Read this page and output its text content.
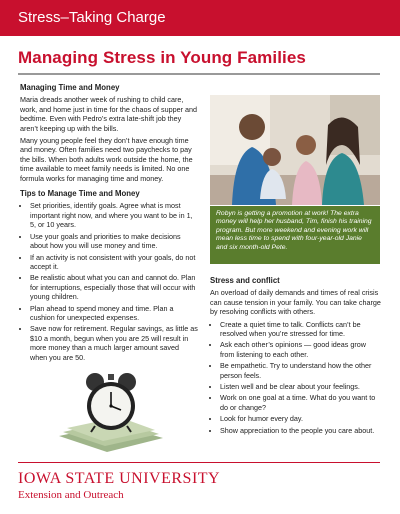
Stress–Taking Charge
Managing Stress in Young Families
Managing Time and Money

Maria dreads another week of rushing to child care, work, and home just in time for the chaos of supper and bedtime. Even with Pedro’s extra late-shift job they aren’t keeping up with the bills.

Many young people feel they don’t have enough time and money. Often families need two paychecks to pay the bills. When both adults work outside the home, the time available to meet family needs is limited. No one formula works for managing time and money.

Tips to Manage Time and Money
• Set priorities, identify goals. Agree what is most important right now, and where you want to be in 1, 5, or 10 years.
• Use your goals and priorities to make decisions about how you will use money and time.
• If an activity is not consistent with your goals, do not accept it.
• Be realistic about what you can and cannot do. Plan for interruptions, especially those that will occur with young children.
• Plan ahead to spend money and time. Plan a cushion for unexpected expenses.
• Save now for retirement. Regular savings, as little as $10 a month, begun when you are 25 will result in more money than a much larger amount saved when you are 50.
Robyn is getting a promotion at work! The extra money will help her husband, Tim, finish his training program. But more weekend and evening work will mean less time to spend with four-year-old Janie and six month-old Pete.
Stress and conflict

An overload of daily demands and times of real crisis can cause tension in your family. You can take charge by resolving conflicts with others.

• Create a quiet time to talk. Conflicts can’t be resolved when you’re stressed for time.
• Ask each other’s opinions — good ideas grow from listening to each other.
• Be empathetic. Try to understand how the other person feels.
• Listen well and be clear about your feelings.
• Work on one goal at a time. What do you want to do or change?
• Look for humor every day.
• Show appreciation to the people you care about.
IOWA STATE UNIVERSITY
Extension and Outreach
